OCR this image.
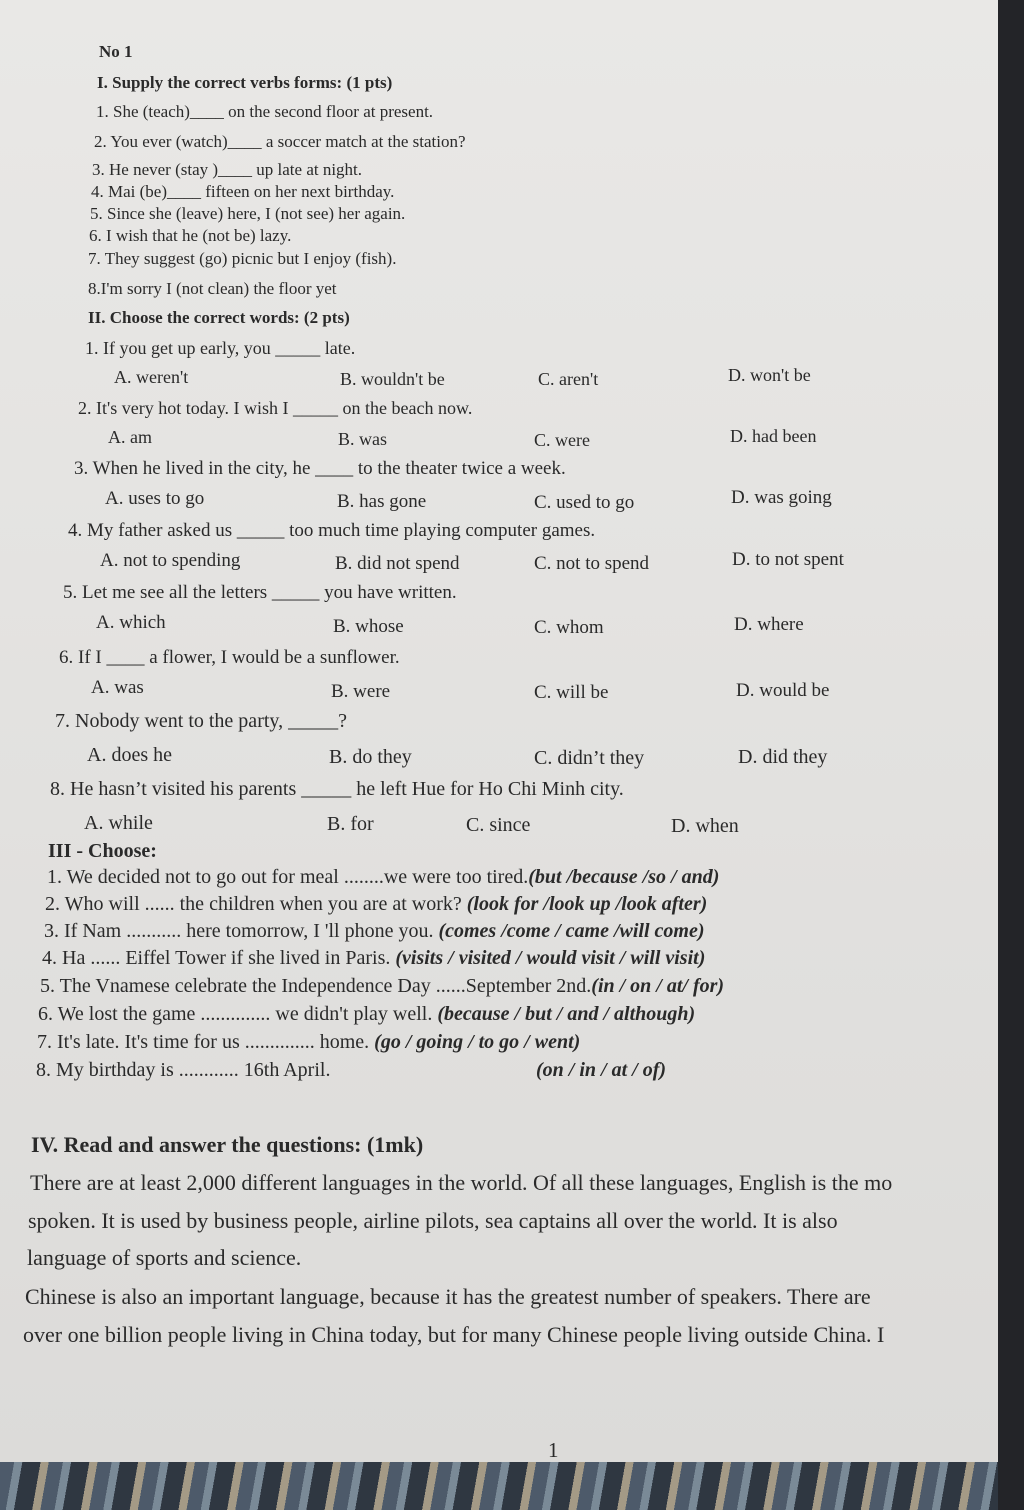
No 1
I. Supply the correct verbs forms: (1 pts)
1. She (teach)____ on the second floor at present.
2. You ever (watch)____ a soccer match at the station?
3. He never (stay )____ up late at night.
4. Mai (be)____ fifteen on her next birthday.
5. Since she (leave) here, I (not see) her again.
6. I wish that he (not be) lazy.
7. They suggest (go) picnic but I enjoy (fish).
8.I'm sorry I (not clean) the floor yet
II. Choose the correct words: (2 pts)
1. If you get up early, you _____ late.
A. weren't	B. wouldn't be	C. aren't	D. won't be
2. It's very hot today. I wish I _____ on the beach now.
A. am	B. was	C. were	D. had been
3. When he lived in the city, he ____ to the theater twice a week.
A. uses to go	B. has gone	C. used to go	D. was going
4. My father asked us _____ too much time playing computer games.
A. not to spending	B. did not spend	C. not to spend	D. to not spent
5. Let me see all the letters _____ you have written.
A. which	B. whose	C. whom	D. where
6. If I ____ a flower, I would be a sunflower.
A. was	B. were	C. will be	D. would be
7. Nobody went to the party, _____?
A. does he	B. do they	C. didn’t they	D. did they
8. He hasn’t visited his parents _____ he left Hue for Ho Chi Minh city.
A. while	B. for	C. since	D. when
III - Choose:
1. We decided not to go out for meal ........we were too tired.(but /because /so / and)
2. Who will ...... the children when you are at work? (look for /look up /look after)
3. If Nam ........... here tomorrow, I 'll phone you. (comes /come / came /will come)
4. Ha ...... Eiffel Tower if she lived in Paris. (visits / visited / would visit / will visit)
5. The Vnamese celebrate the Independence Day ......September 2nd.(in / on / at/ for)
6. We lost the game .............. we didn't play well. (because / but / and / although)
7. It's late. It's time for us .............. home. (go / going / to go / went)
8. My birthday is ............ 16th April.	(on / in / at / of)
IV. Read and answer the questions: (1mk)
There are at least 2,000 different languages in the world. Of all these languages, English is the mo
spoken. It is used by business people, airline pilots, sea captains all over the world. It is also
language of sports and science.
Chinese is also an important language, because it has the greatest number of speakers. There are
over one billion people living in China today, but for many Chinese people living outside China. I
1
